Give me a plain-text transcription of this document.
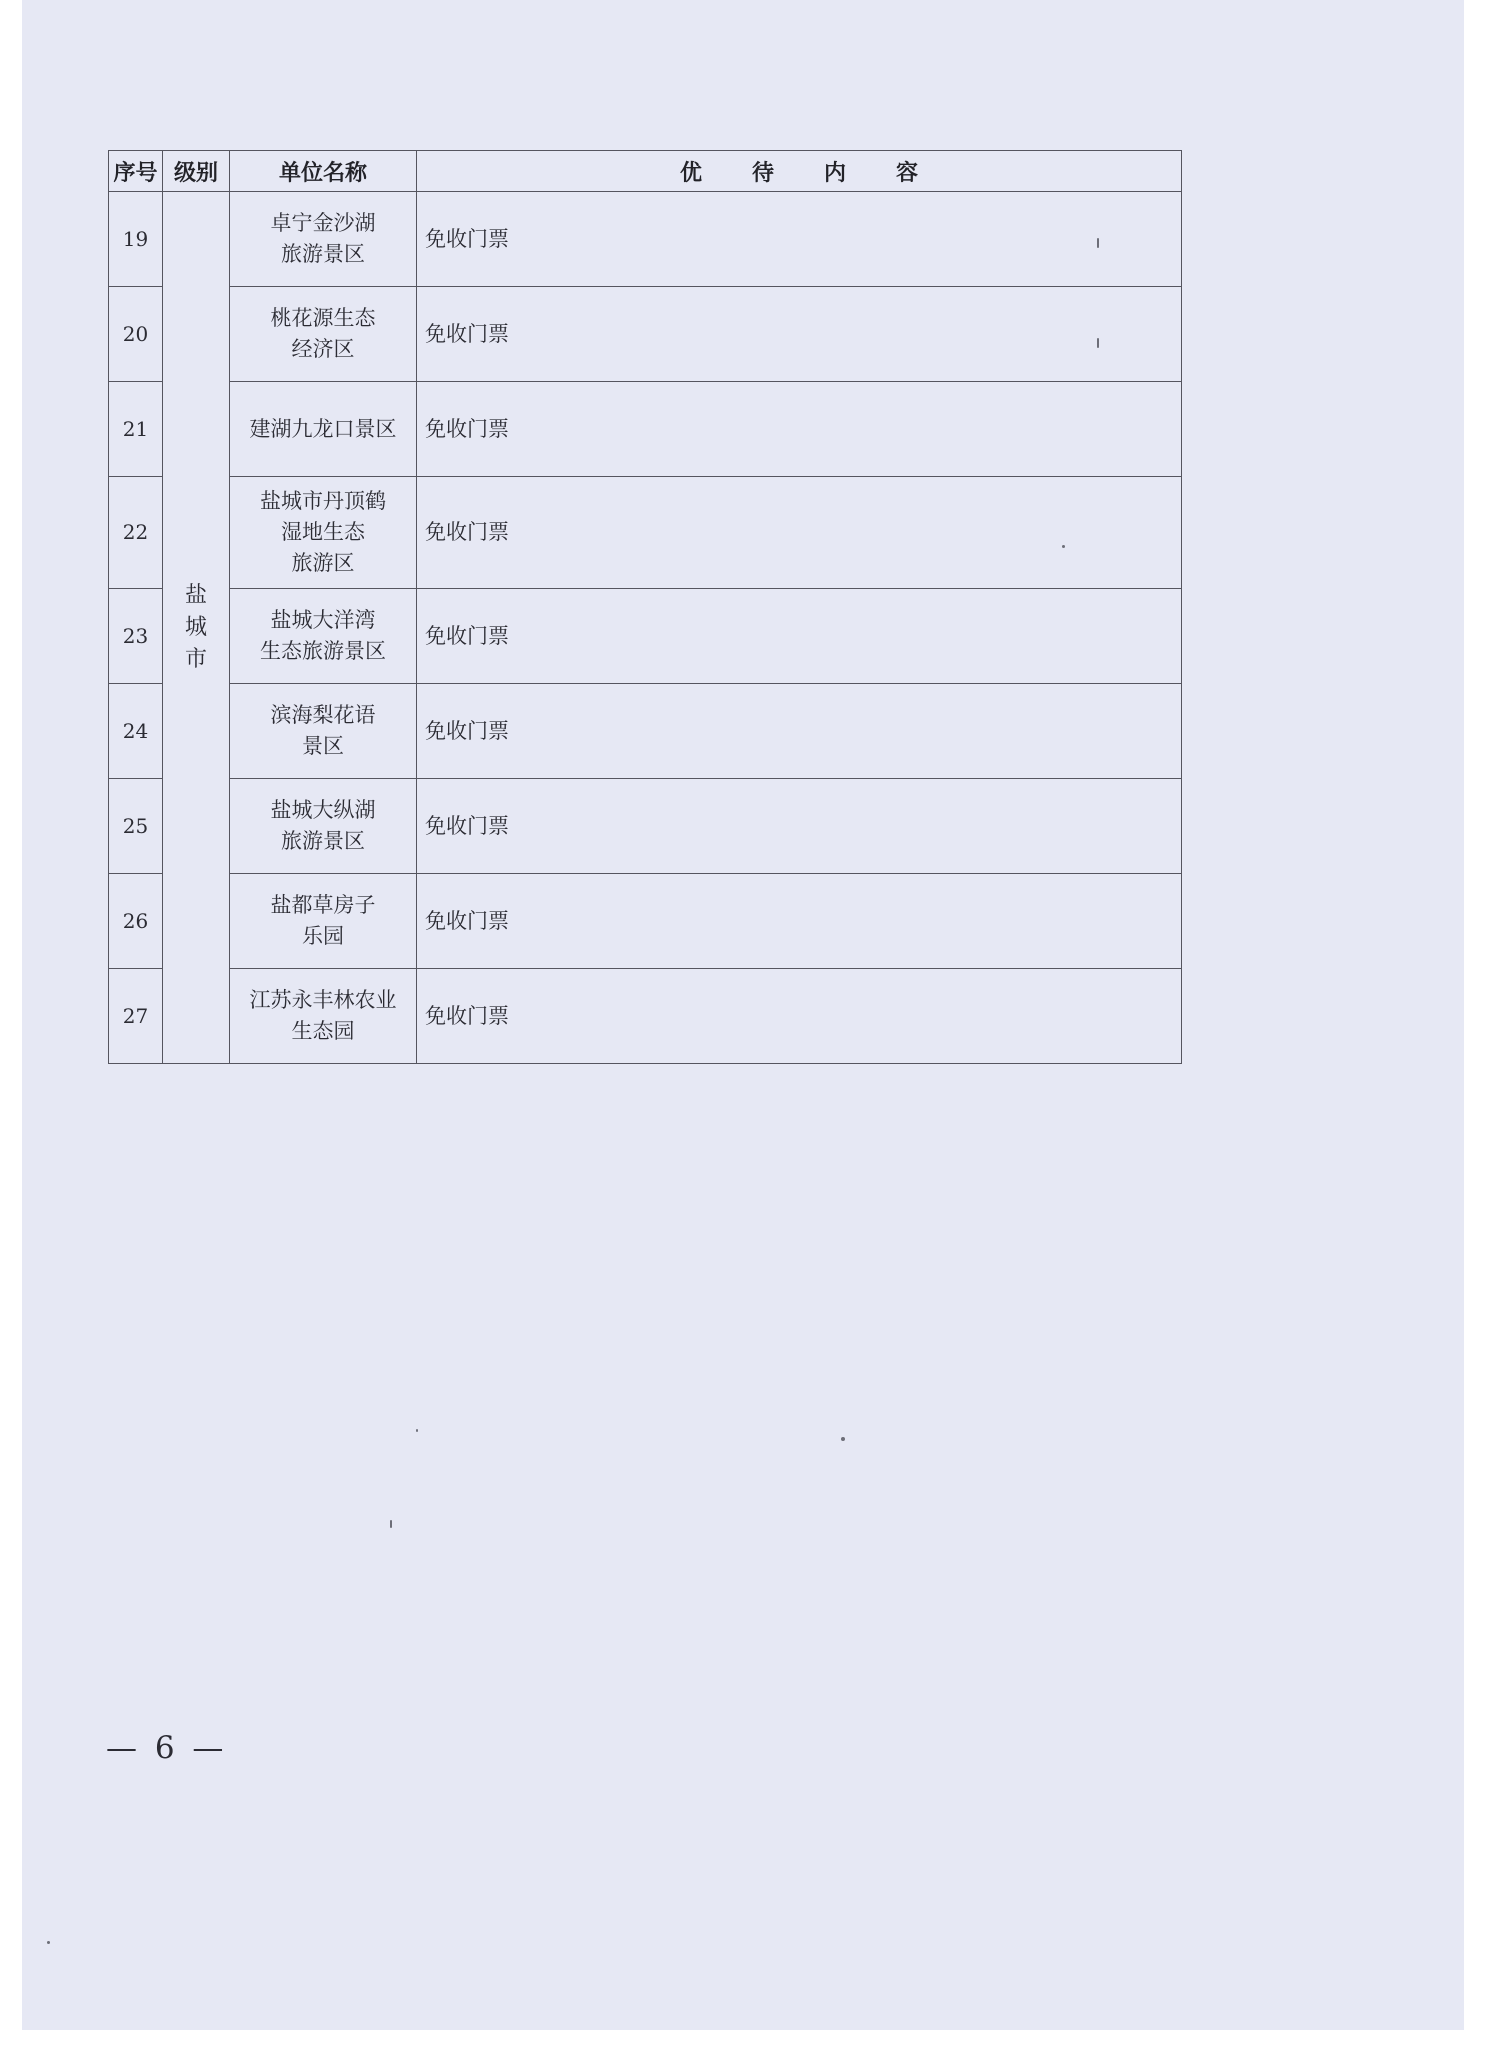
序号	级别	单位名称	优待内容
19	盐
城
市	卓宁金沙湖
旅游景区	免收门票
20		桃花源生态
经济区	免收门票
21		建湖九龙口景区	免收门票
22		盐城市丹顶鹤
湿地生态
旅游区	免收门票
23		盐城大洋湾
生态旅游景区	免收门票
24		滨海梨花语
景区	免收门票
25		盐城大纵湖
旅游景区	免收门票
26		盐都草房子
乐园	免收门票
27		江苏永丰林农业
生态园	免收门票
— 6 —
